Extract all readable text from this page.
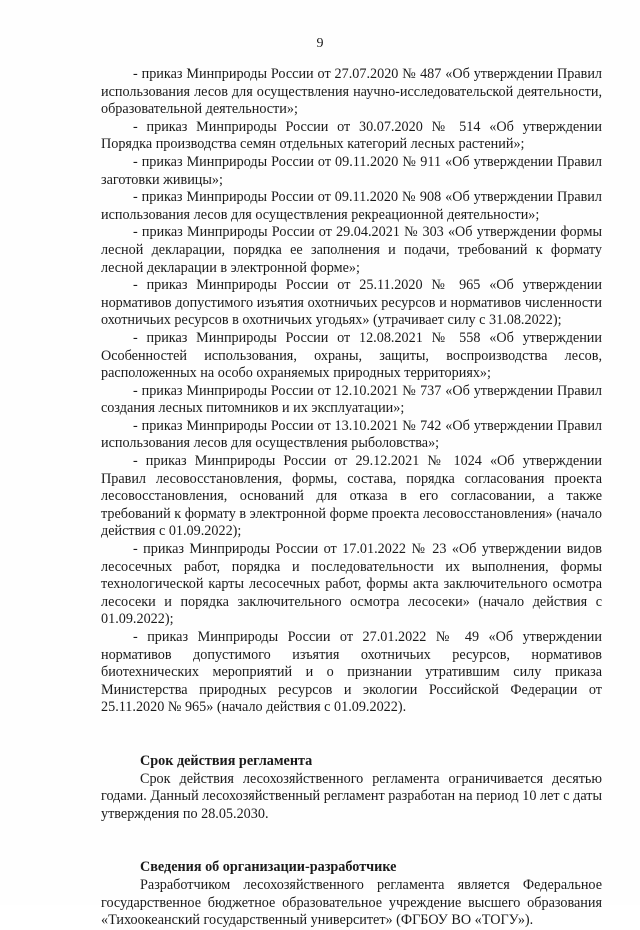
9

- приказ Минприроды России от 27.07.2020 № 487 «Об утверждении Правил использования лесов для осуществления научно-исследовательской деятельности, образовательной деятельности»;

- приказ Минприроды России от 30.07.2020 № 514 «Об утверждении Порядка производства семян отдельных категорий лесных растений»;

- приказ Минприроды России от 09.11.2020 № 911 «Об утверждении Правил заготовки живицы»;

- приказ Минприроды России от 09.11.2020 № 908 «Об утверждении Правил использования лесов для осуществления рекреационной деятельности»;

- приказ Минприроды России от 29.04.2021 № 303 «Об утверждении формы лесной декларации, порядка ее заполнения и подачи, требований к формату лесной декларации в электронной форме»;

- приказ Минприроды России от 25.11.2020 № 965 «Об утверждении нормативов допустимого изъятия охотничьих ресурсов и нормативов численности охотничьих ресурсов в охотничьих угодьях» (утрачивает силу с 31.08.2022);

- приказ Минприроды России от 12.08.2021 № 558 «Об утверждении Особенностей использования, охраны, защиты, воспроизводства лесов, расположенных на особо охраняемых природных территориях»;

- приказ Минприроды России от 12.10.2021 № 737 «Об утверждении Правил создания лесных питомников и их эксплуатации»;

- приказ Минприроды России от 13.10.2021 № 742 «Об утверждении Правил использования лесов для осуществления рыболовства»;

- приказ Минприроды России от 29.12.2021 № 1024 «Об утверждении Правил лесовосстановления, формы, состава, порядка согласования проекта лесовосстановления, оснований для отказа в его согласовании, а также требований к формату в электронной форме проекта лесовосстановления» (начало действия с 01.09.2022);

- приказ Минприроды России от 17.01.2022 № 23 «Об утверждении видов лесосечных работ, порядка и последовательности их выполнения, формы технологической карты лесосечных работ, формы акта заключительного осмотра лесосеки и порядка заключительного осмотра лесосеки» (начало действия с 01.09.2022);

- приказ Минприроды России от 27.01.2022 № 49 «Об утверждении нормативов допустимого изъятия охотничьих ресурсов, нормативов биотехнических мероприятий и о признании утратившим силу приказа Министерства природных ресурсов и экологии Российской Федерации от 25.11.2020 № 965» (начало действия с 01.09.2022).

Срок действия регламента

Срок действия лесохозяйственного регламента ограничивается десятью годами. Данный лесохозяйственный регламент разработан на период 10 лет с даты утверждения по 28.05.2030.

Сведения об организации-разработчике

Разработчиком лесохозяйственного регламента является Федеральное государственное бюджетное образовательное учреждение высшего образования «Тихоокеанский государственный университет» (ФГБОУ ВО «ТОГУ»).
